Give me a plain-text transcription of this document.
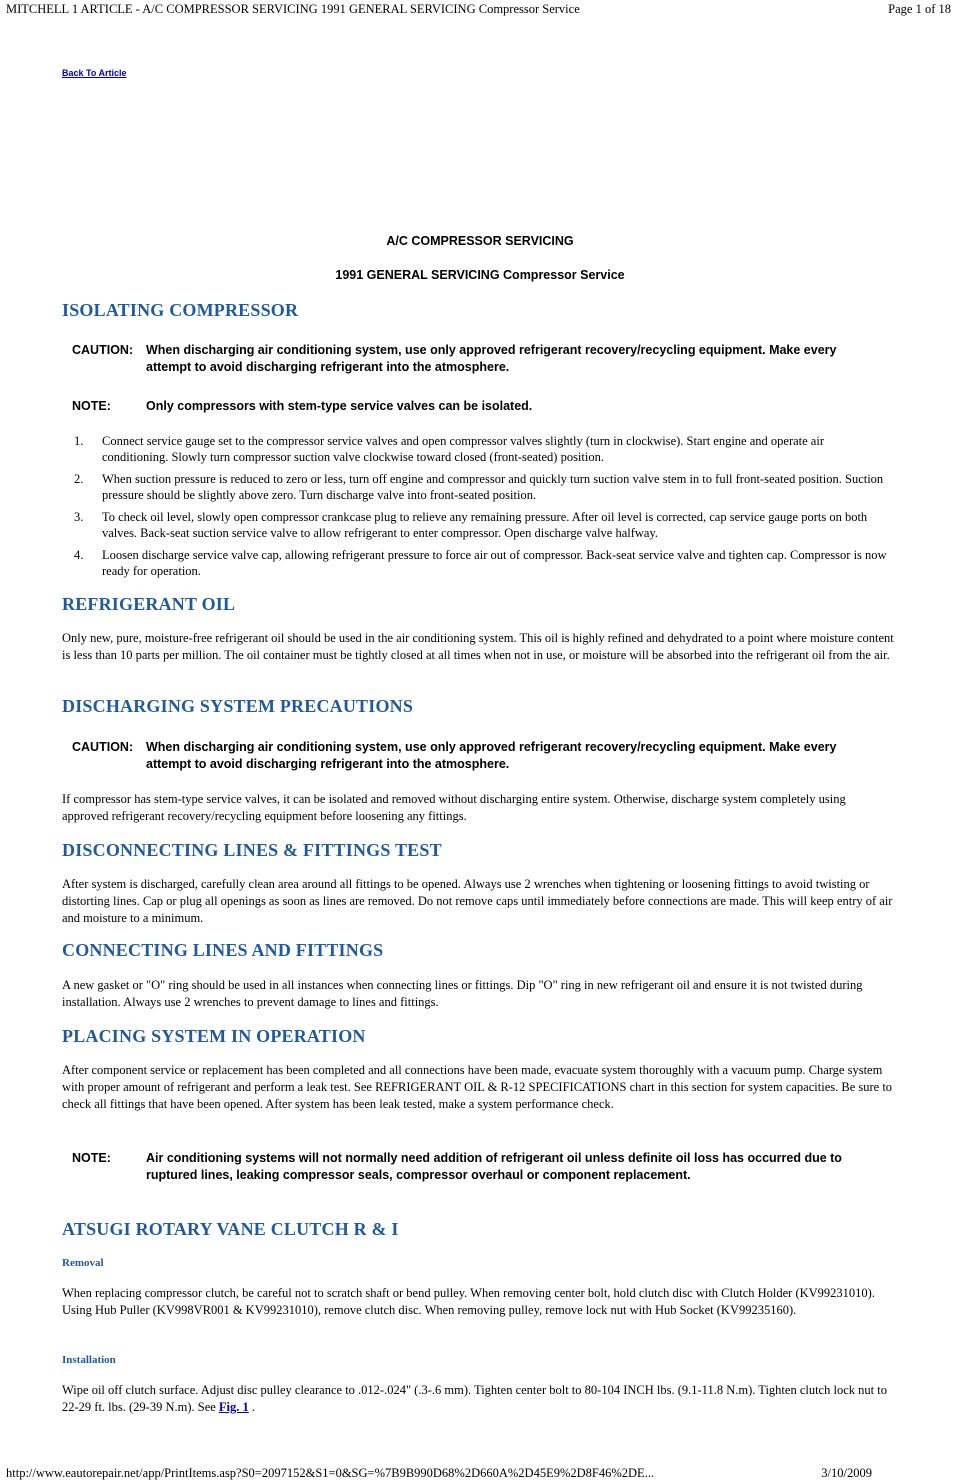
MITCHELL 1 ARTICLE - A/C COMPRESSOR SERVICING 1991 GENERAL SERVICING Compressor Service	Page 1 of 18
Back To Article
A/C COMPRESSOR SERVICING
1991 GENERAL SERVICING Compressor Service
ISOLATING COMPRESSOR
CAUTION: When discharging air conditioning system, use only approved refrigerant recovery/recycling equipment. Make every attempt to avoid discharging refrigerant into the atmosphere.
NOTE:	Only compressors with stem-type service valves can be isolated.
1. Connect service gauge set to the compressor service valves and open compressor valves slightly (turn in clockwise). Start engine and operate air conditioning. Slowly turn compressor suction valve clockwise toward closed (front-seated) position.
2. When suction pressure is reduced to zero or less, turn off engine and compressor and quickly turn suction valve stem in to full front-seated position. Suction pressure should be slightly above zero. Turn discharge valve into front-seated position.
3. To check oil level, slowly open compressor crankcase plug to relieve any remaining pressure. After oil level is corrected, cap service gauge ports on both valves. Back-seat suction service valve to allow refrigerant to enter compressor. Open discharge valve halfway.
4. Loosen discharge service valve cap, allowing refrigerant pressure to force air out of compressor. Back-seat service valve and tighten cap. Compressor is now ready for operation.
REFRIGERANT OIL
Only new, pure, moisture-free refrigerant oil should be used in the air conditioning system. This oil is highly refined and dehydrated to a point where moisture content is less than 10 parts per million. The oil container must be tightly closed at all times when not in use, or moisture will be absorbed into the refrigerant oil from the air.
DISCHARGING SYSTEM PRECAUTIONS
CAUTION: When discharging air conditioning system, use only approved refrigerant recovery/recycling equipment. Make every attempt to avoid discharging refrigerant into the atmosphere.
If compressor has stem-type service valves, it can be isolated and removed without discharging entire system. Otherwise, discharge system completely using approved refrigerant recovery/recycling equipment before loosening any fittings.
DISCONNECTING LINES & FITTINGS TEST
After system is discharged, carefully clean area around all fittings to be opened. Always use 2 wrenches when tightening or loosening fittings to avoid twisting or distorting lines. Cap or plug all openings as soon as lines are removed. Do not remove caps until immediately before connections are made. This will keep entry of air and moisture to a minimum.
CONNECTING LINES AND FITTINGS
A new gasket or "O" ring should be used in all instances when connecting lines or fittings. Dip "O" ring in new refrigerant oil and ensure it is not twisted during installation. Always use 2 wrenches to prevent damage to lines and fittings.
PLACING SYSTEM IN OPERATION
After component service or replacement has been completed and all connections have been made, evacuate system thoroughly with a vacuum pump. Charge system with proper amount of refrigerant and perform a leak test. See REFRIGERANT OIL & R-12 SPECIFICATIONS chart in this section for system capacities. Be sure to check all fittings that have been opened. After system has been leak tested, make a system performance check.
NOTE:	Air conditioning systems will not normally need addition of refrigerant oil unless definite oil loss has occurred due to ruptured lines, leaking compressor seals, compressor overhaul or component replacement.
ATSUGI ROTARY VANE CLUTCH R & I
Removal
When replacing compressor clutch, be careful not to scratch shaft or bend pulley. When removing center bolt, hold clutch disc with Clutch Holder (KV99231010). Using Hub Puller (KV998VR001 & KV99231010), remove clutch disc. When removing pulley, remove lock nut with Hub Socket (KV99235160).
Installation
Wipe oil off clutch surface. Adjust disc pulley clearance to .012-.024" (.3-.6 mm). Tighten center bolt to 80-104 INCH lbs. (9.1-11.8 N.m). Tighten clutch lock nut to 22-29 ft. lbs. (29-39 N.m). See Fig. 1 .
http://www.eautorepair.net/app/PrintItems.asp?S0=2097152&S1=0&SG=%7B9B990D68%2D660A%2D45E9%2D8F46%2DE...	3/10/2009
